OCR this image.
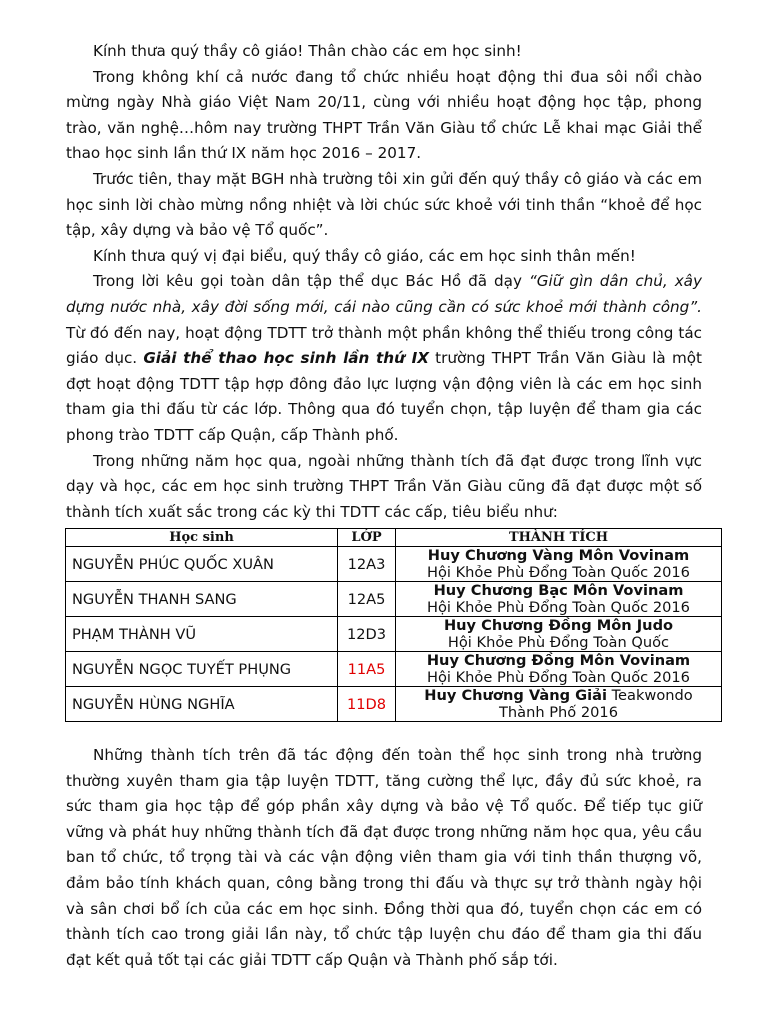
Kính thưa quý thầy cô giáo! Thân chào các em học sinh!

Trong không khí cả nước đang tổ chức nhiều hoạt động thi đua sôi nổi chào mừng ngày Nhà giáo Việt Nam 20/11, cùng với nhiều hoạt động học tập, phong trào, văn nghệ…hôm nay trường THPT Trần Văn Giàu tổ chức Lễ khai mạc Giải thể thao học sinh lần thứ IX năm học 2016 – 2017.

Trước tiên, thay mặt BGH nhà trường tôi xin gửi đến quý thầy cô giáo và các em học sinh lời chào mừng nồng nhiệt và lời chúc sức khoẻ với tinh thần “khoẻ để học tập, xây dựng và bảo vệ Tổ quốc”.

Kính thưa quý vị đại biểu, quý thầy cô giáo, các em học sinh thân mến!

Trong lời kêu gọi toàn dân tập thể dục Bác Hồ đã dạy “Giữ gìn dân chủ, xây dựng nước nhà, xây đời sống mới, cái nào cũng cần có sức khoẻ mới thành công”. Từ đó đến nay, hoạt động TDTT trở thành một phần không thể thiếu trong công tác giáo dục. Giải thể thao học sinh lần thứ IX trường THPT Trần Văn Giàu là một đợt hoạt động TDTT tập hợp đông đảo lực lượng vận động viên là các em học sinh tham gia thi đấu từ các lớp. Thông qua đó tuyển chọn, tập luyện để tham gia các phong trào TDTT cấp Quận, cấp Thành phố.

Trong những năm học qua, ngoài những thành tích đã đạt được trong lĩnh vực dạy và học, các em học sinh trường THPT Trần Văn Giàu cũng đã đạt được một số thành tích xuất sắc trong các kỳ thi TDTT các cấp, tiêu biểu như:

Học sinh	LỚP	THÀNH TÍCH
NGUYỄN PHÚC QUỐC XUÂN	12A3	Huy Chương Vàng Môn Vovinam
Hội Khỏe Phù Đổng Toàn Quốc 2016

NGUYỄN THANH SANG	12A5	Huy Chương Bạc Môn Vovinam
Hội Khỏe Phù Đổng Toàn Quốc 2016

PHẠM THÀNH VŨ	12D3	Huy Chương Đồng Môn Judo
Hội Khỏe Phù Đổng Toàn Quốc

NGUYỄN NGỌC TUYẾT PHỤNG	11A5	Huy Chương Đồng Môn Vovinam
Hội Khỏe Phù Đổng Toàn Quốc 2016

NGUYỄN HÙNG NGHĨA	11D8	Huy Chương Vàng Giải Teakwondo
Thành Phố 2016

Những thành tích trên đã tác động đến toàn thể học sinh trong nhà trường thường xuyên tham gia tập luyện TDTT, tăng cường thể lực, đầy đủ sức khoẻ, ra sức tham gia học tập để góp phần xây dựng và bảo vệ Tổ quốc. Để tiếp tục giữ vững và phát huy những thành tích đã đạt được trong những năm học qua, yêu cầu ban tổ chức, tổ trọng tài và các vận động viên tham gia với tinh thần thượng võ, đảm bảo tính khách quan, công bằng trong thi đấu và thực sự trở thành ngày hội và sân chơi bổ ích của các em học sinh. Đồng thời qua đó, tuyển chọn các em có thành tích cao trong giải lần này, tổ chức tập luyện chu đáo để tham gia thi đấu đạt kết quả tốt tại các giải TDTT cấp Quận và Thành phố sắp tới.
